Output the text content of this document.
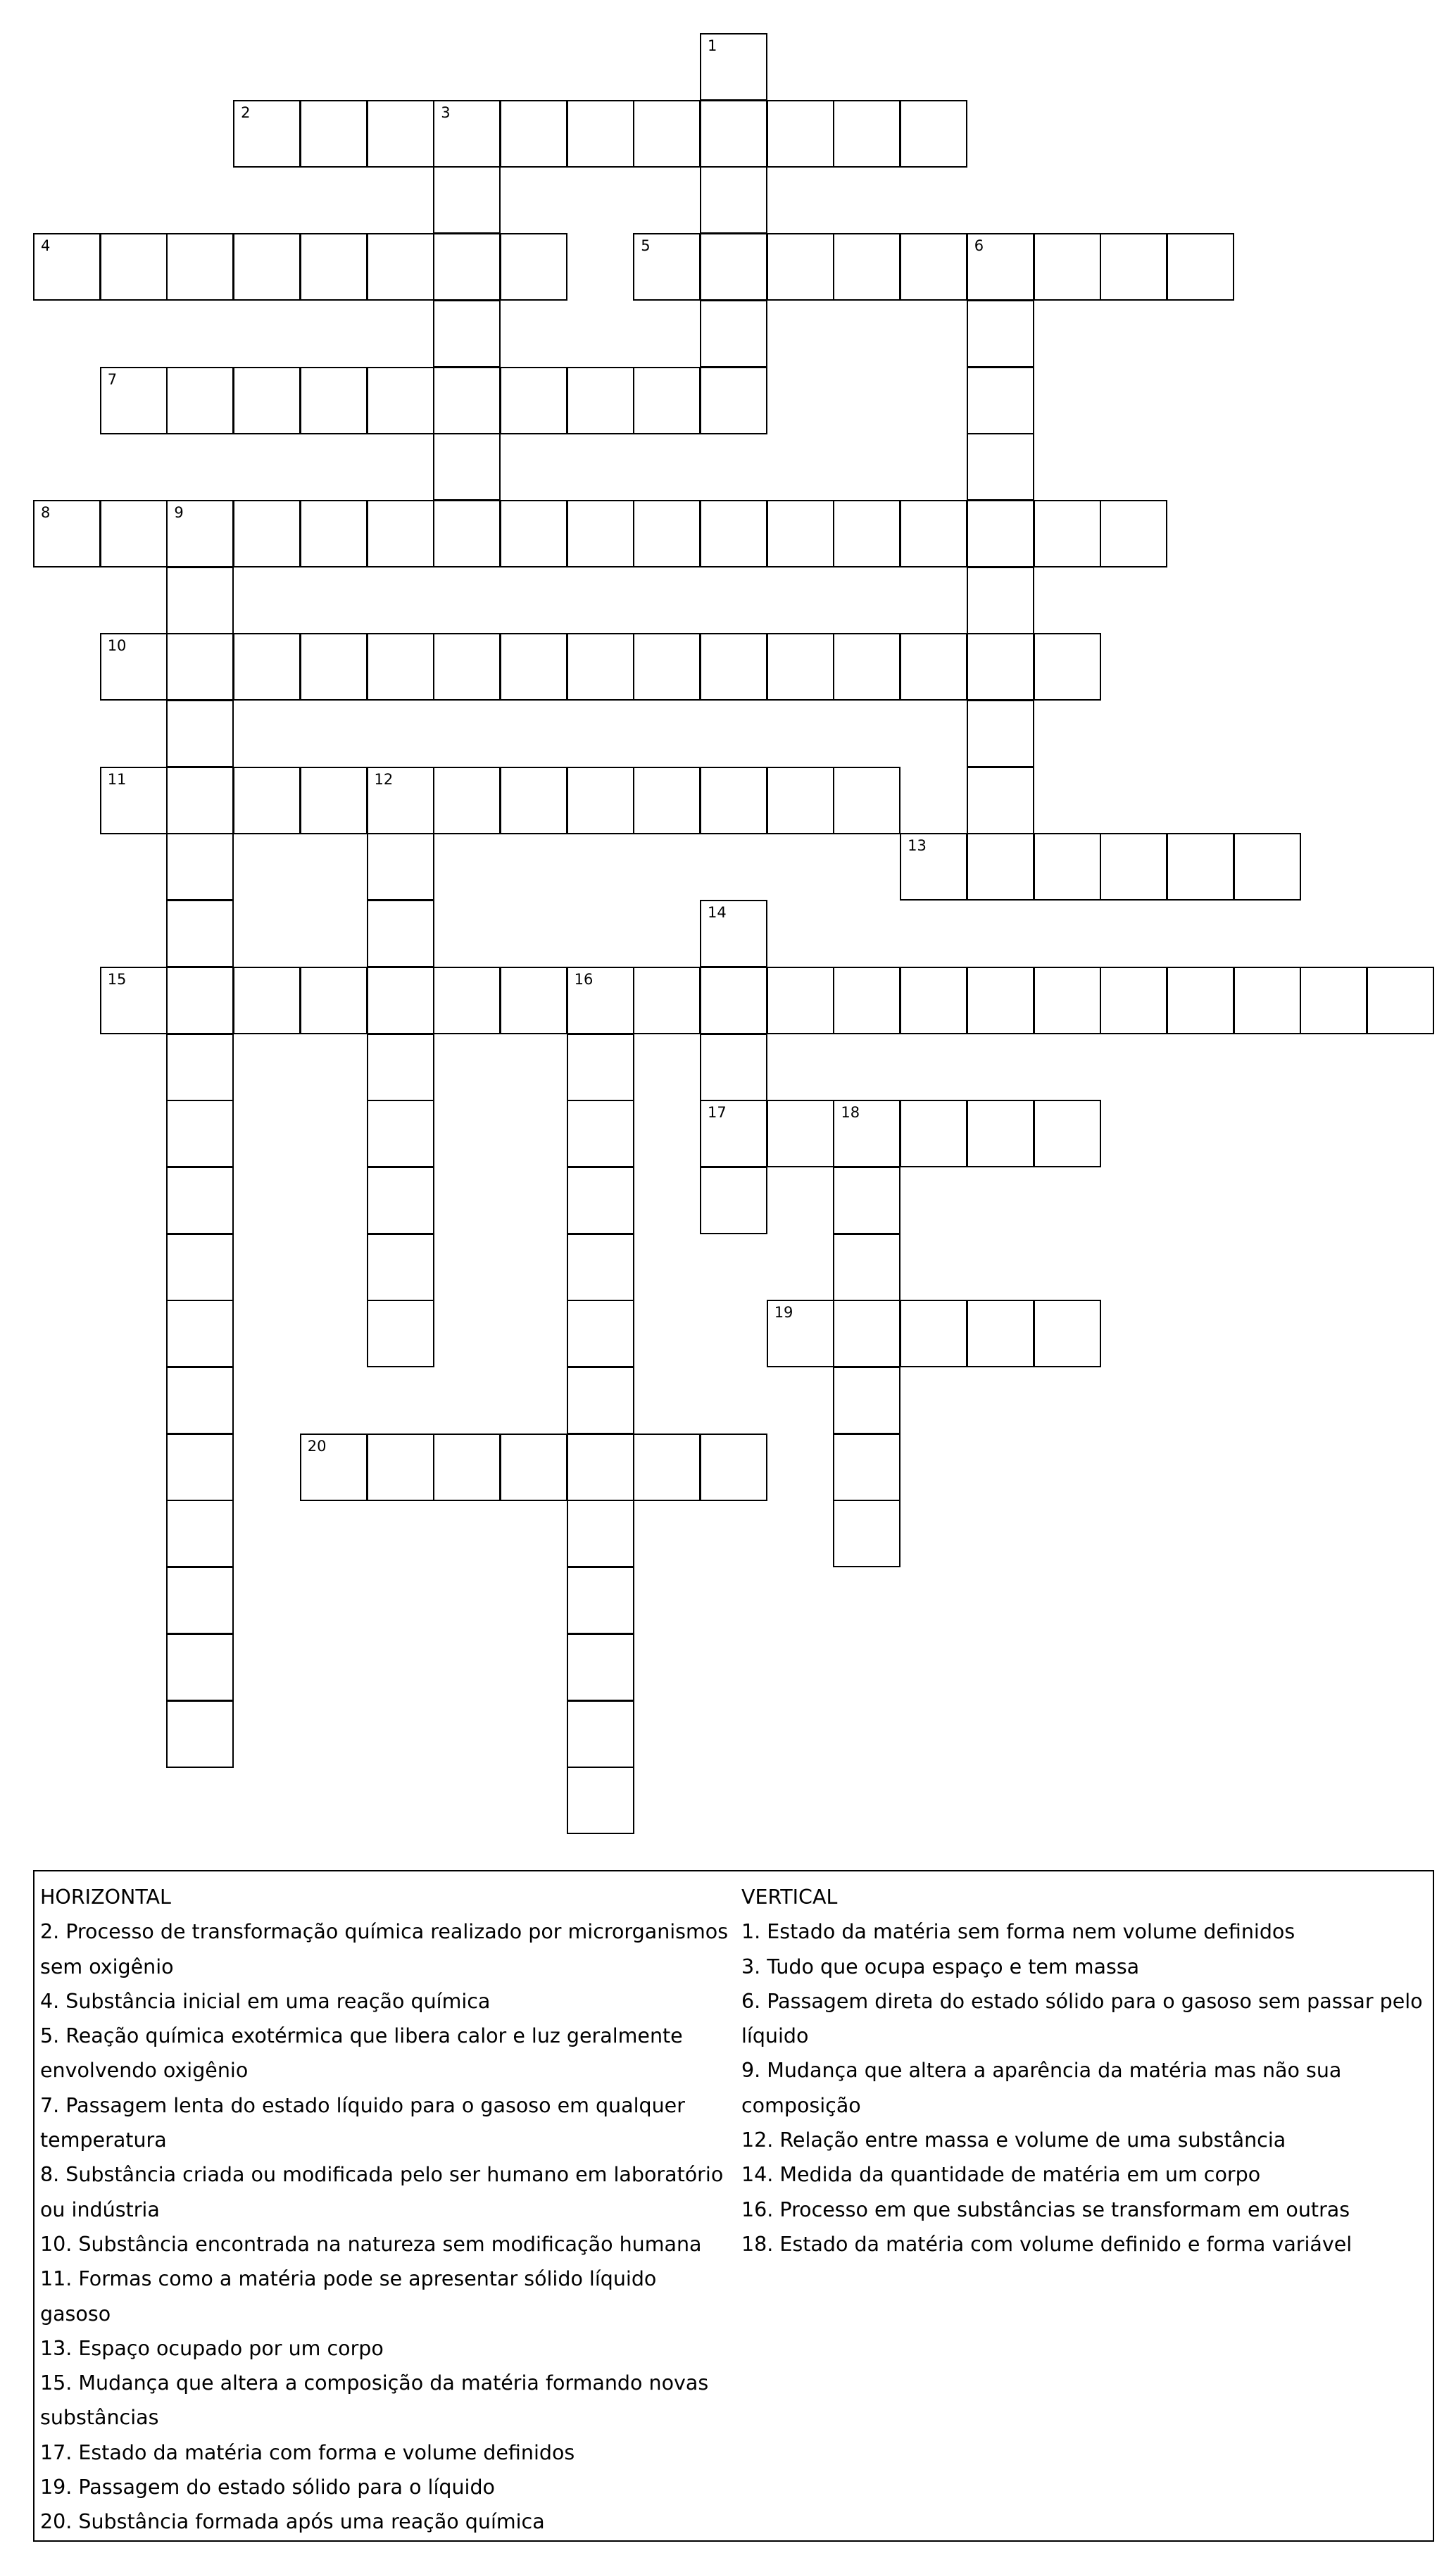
1
2	3
4	5	6
7
8	9
10
11	12
13
14
17
15	16
18
19
20
HORIZONTAL
2. Processo de transformação química realizado por microrganismos sem oxigênio
4. Substância inicial em uma reação química
5. Reação química exotérmica que libera calor e luz geralmente envolvendo oxigênio
7. Passagem lenta do estado líquido para o gasoso em qualquer temperatura
8. Substância criada ou modificada pelo ser humano em laboratório ou indústria
10. Substância encontrada na natureza sem modificação humana
11. Formas como a matéria pode se apresentar sólido líquido gasoso
13. Espaço ocupado por um corpo
15. Mudança que altera a composição da matéria formando novas substâncias
17. Estado da matéria com forma e volume definidos
19. Passagem do estado sólido para o líquido
20. Substância formada após uma reação química
VERTICAL
1. Estado da matéria sem forma nem volume definidos
3. Tudo que ocupa espaço e tem massa
6. Passagem direta do estado sólido para o gasoso sem passar pelo líquido
9. Mudança que altera a aparência da matéria mas não sua composição
12. Relação entre massa e volume de uma substância
14. Medida da quantidade de matéria em um corpo
16. Processo em que substâncias se transformam em outras
18. Estado da matéria com volume definido e forma variável
